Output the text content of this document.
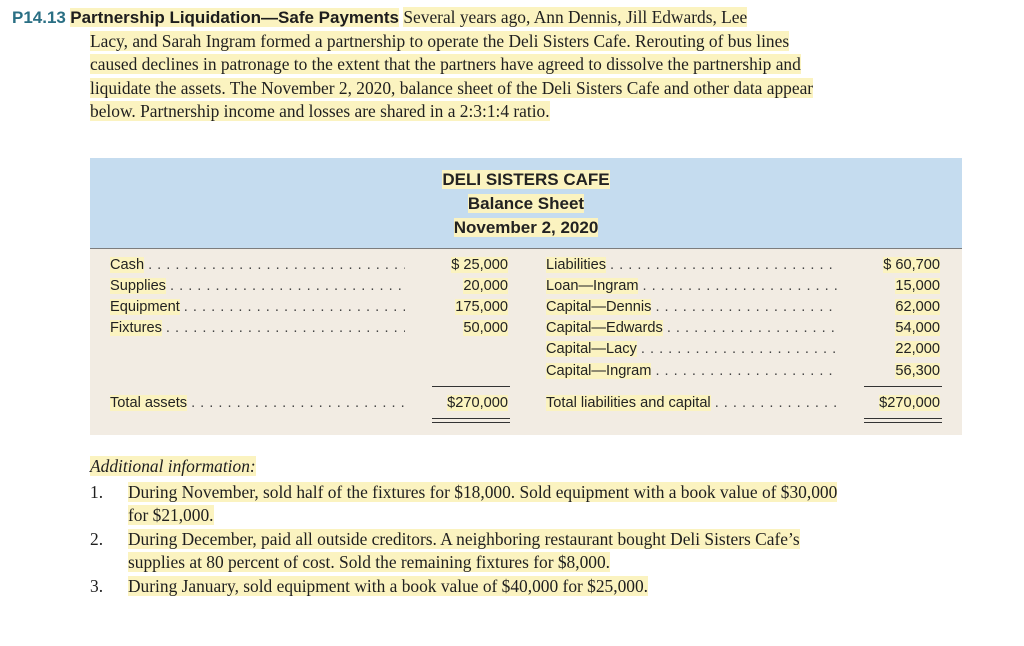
P14.13 Partnership Liquidation—Safe Payments Several years ago, Ann Dennis, Jill Edwards, Lee
Lacy, and Sarah Ingram formed a partnership to operate the Deli Sisters Cafe. Rerouting of bus lines
caused declines in patronage to the extent that the partners have agreed to dissolve the partnership and
liquidate the assets. The November 2, 2020, balance sheet of the Deli Sisters Cafe and other data appear
below. Partnership income and losses are shared in a 2:3:1:4 ratio.
DELI SISTERS CAFE
Balance Sheet
November 2, 2020
Cash . . .	$ 25,000
Supplies . . .	20,000
Equipment . . .	175,000
Fixtures . . .	50,000
Liabilities . . .	$ 60,700
Loan—Ingram . . .	15,000
Capital—Dennis . . .	62,000
Capital—Edwards . . .	54,000
Capital—Lacy . . .	22,000
Capital—Ingram . . .	56,300
Total assets . . .	$270,000	Total liabilities and capital . . .	$270,000
Additional information:
1. During November, sold half of the fixtures for $18,000. Sold equipment with a book value of $30,000
for $21,000.
2. During December, paid all outside creditors. A neighboring restaurant bought Deli Sisters Cafe’s
supplies at 80 percent of cost. Sold the remaining fixtures for $8,000.
3. During January, sold equipment with a book value of $40,000 for $25,000.
